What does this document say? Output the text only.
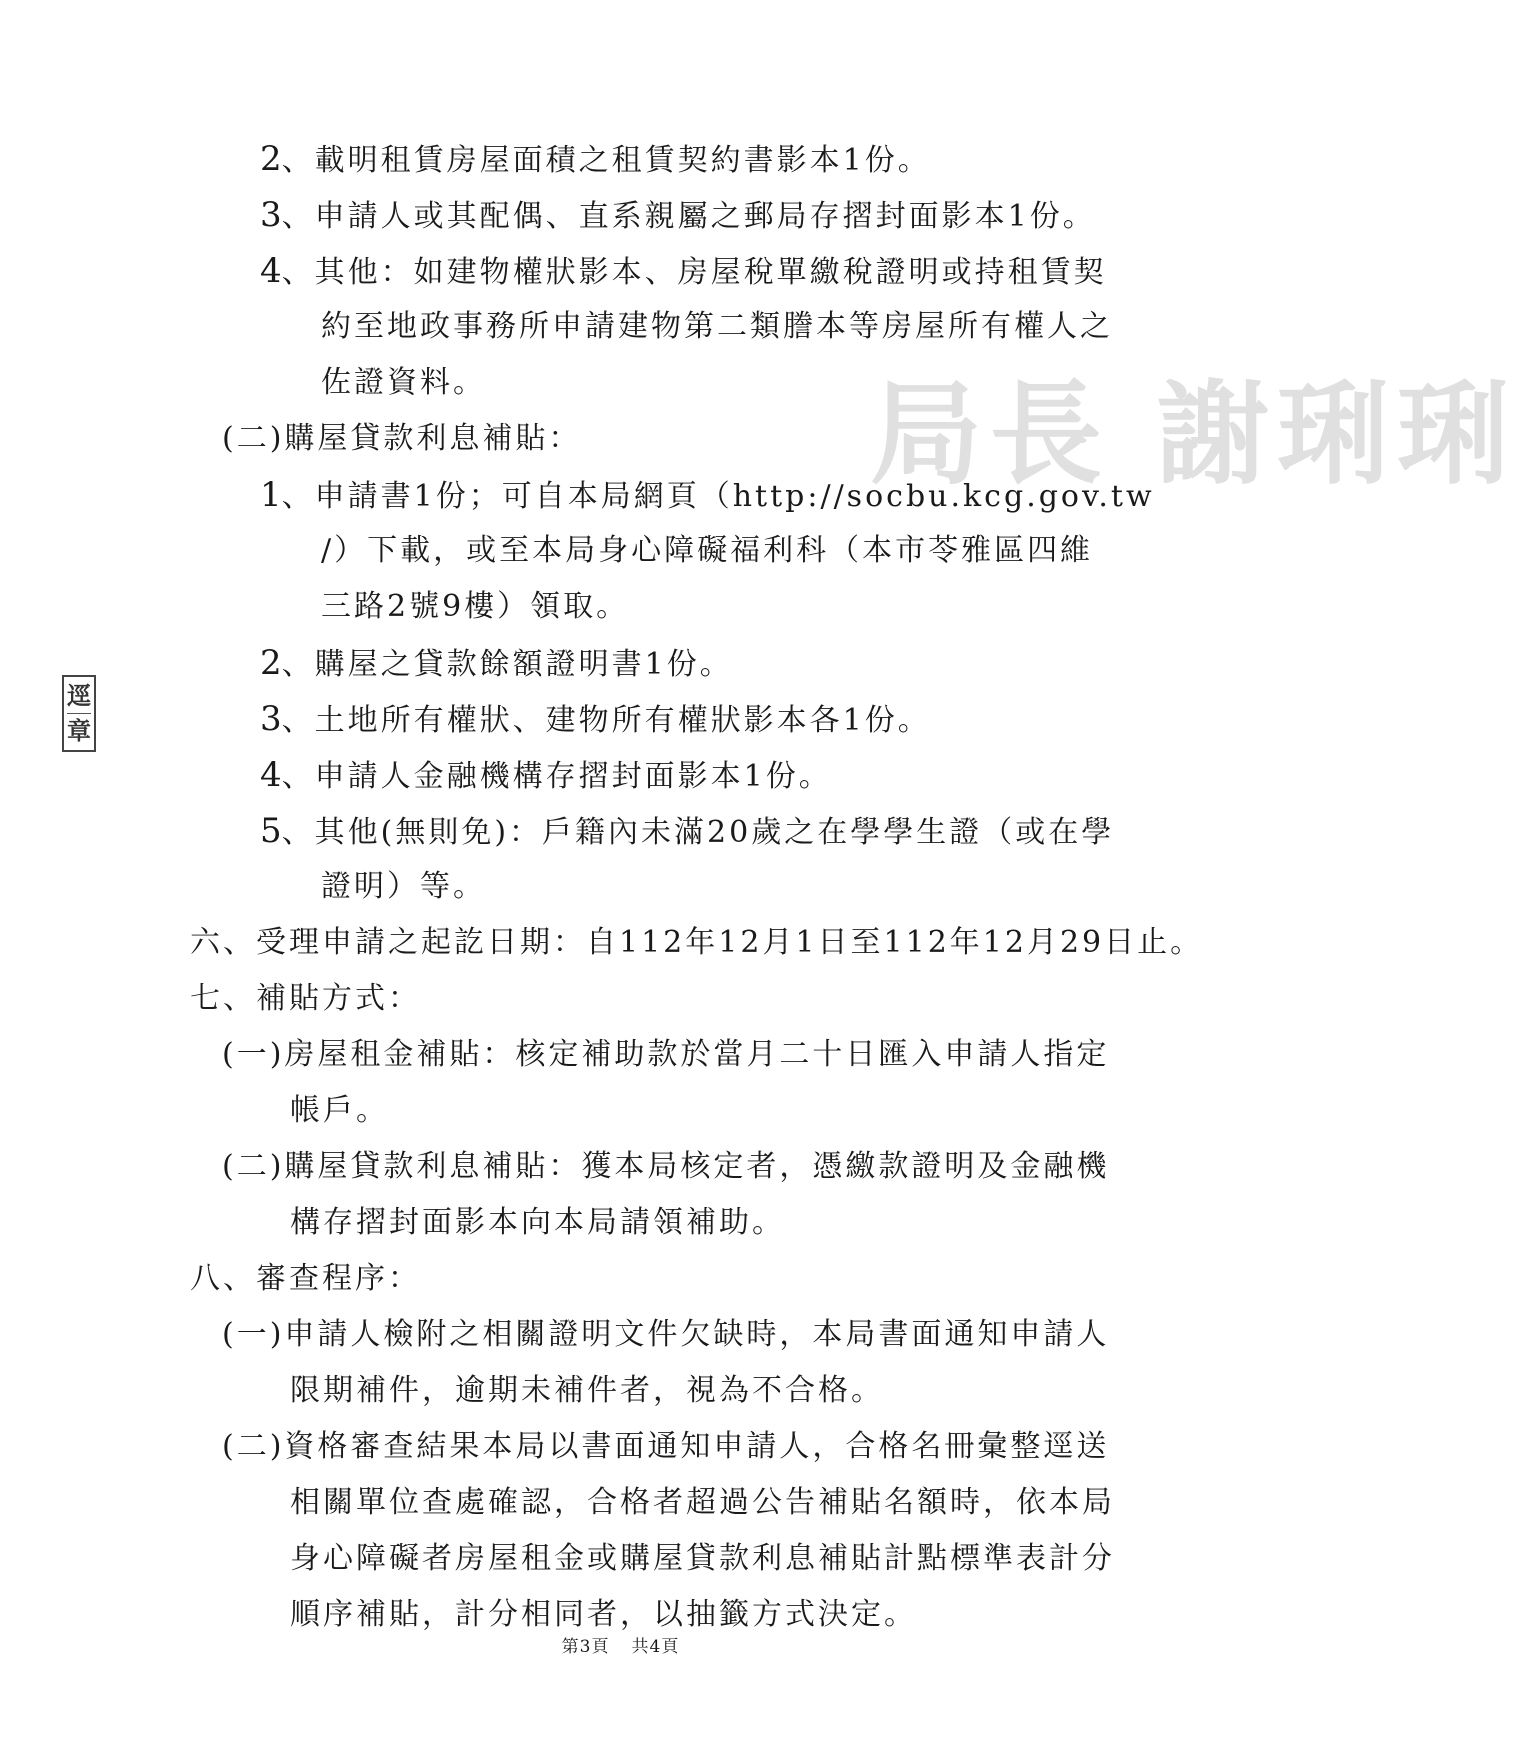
局長 謝琍琍
逕
章
2、載明租賃房屋面積之租賃契約書影本1份。
3、申請人或其配偶、直系親屬之郵局存摺封面影本1份。
4、其他：如建物權狀影本、房屋稅單繳稅證明或持租賃契
約至地政事務所申請建物第二類謄本等房屋所有權人之
佐證資料。
(二)購屋貸款利息補貼：
1、申請書1份；可自本局網頁（http://socbu.kcg.gov.tw
/）下載，或至本局身心障礙福利科（本市苓雅區四維
三路2號9樓）領取。
2、購屋之貸款餘額證明書1份。
3、土地所有權狀、建物所有權狀影本各1份。
4、申請人金融機構存摺封面影本1份。
5、其他(無則免)：戶籍內未滿20歲之在學學生證（或在學
證明）等。
六、受理申請之起訖日期：自112年12月1日至112年12月29日止。
七、補貼方式：
(一)房屋租金補貼：核定補助款於當月二十日匯入申請人指定
帳戶。
(二)購屋貸款利息補貼：獲本局核定者，憑繳款證明及金融機
構存摺封面影本向本局請領補助。
八、審查程序：
(一)申請人檢附之相關證明文件欠缺時，本局書面通知申請人
限期補件，逾期未補件者，視為不合格。
(二)資格審查結果本局以書面通知申請人，合格名冊彙整逕送
相關單位查處確認，合格者超過公告補貼名額時，依本局
身心障礙者房屋租金或購屋貸款利息補貼計點標準表計分
順序補貼，計分相同者，以抽籤方式決定。
第3頁 共4頁
